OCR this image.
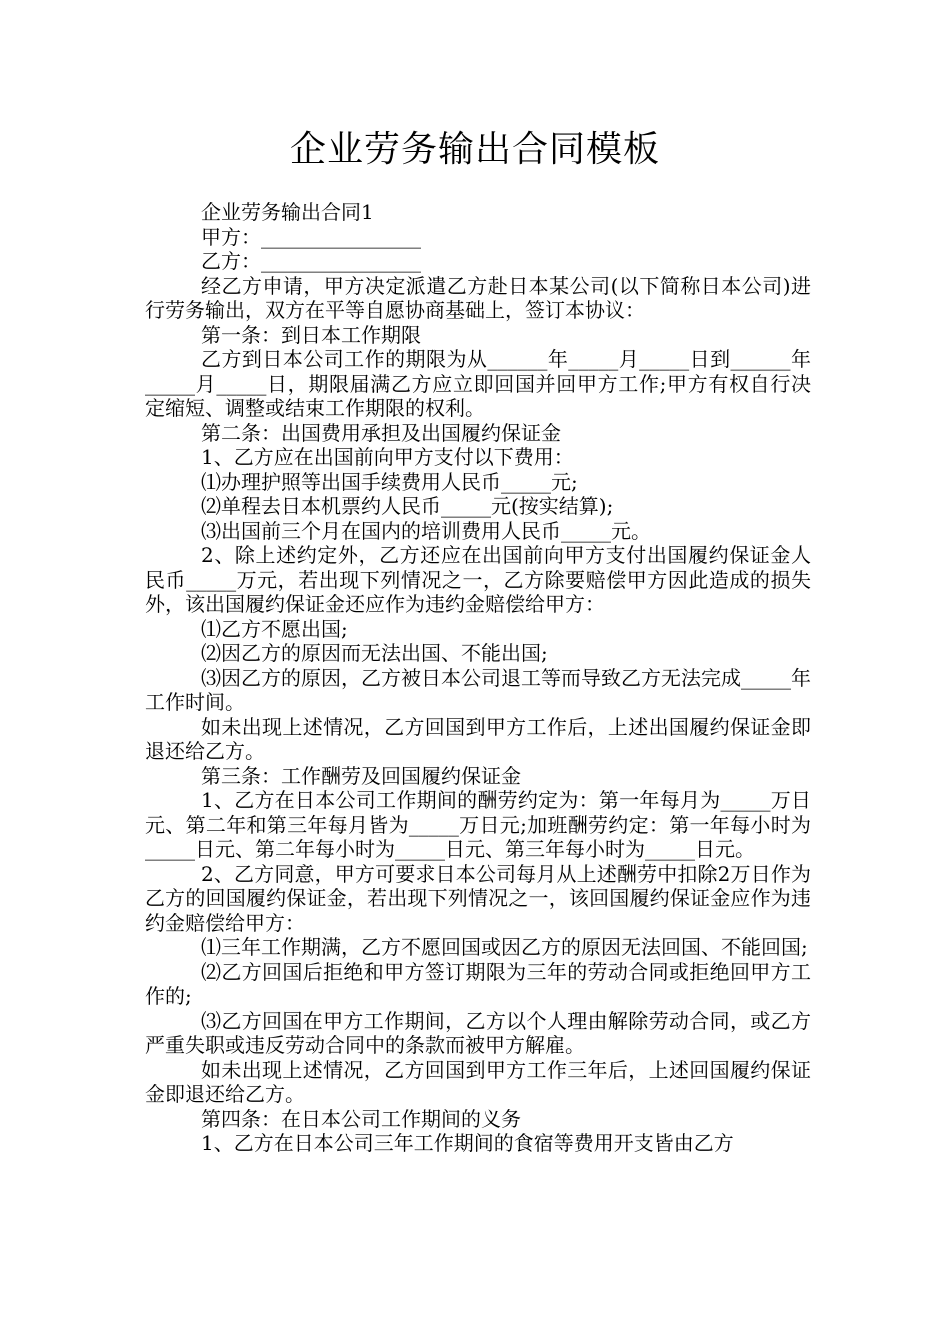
企业劳务输出合同模板

企业劳务输出合同1

甲方：________________

乙方：________________

经乙方申请，甲方决定派遣乙方赴日本某公司(以下简称日本公司)进行劳务输出，双方在平等自愿协商基础上，签订本协议：

第一条：到日本工作期限

乙方到日本公司工作的期限为从______年_____月_____日到______年_____月_____日，期限届满乙方应立即回国并回甲方工作;甲方有权自行决定缩短、调整或结束工作期限的权利。

第二条：出国费用承担及出国履约保证金

1、乙方应在出国前向甲方支付以下费用：

⑴办理护照等出国手续费用人民币_____元;

⑵单程去日本机票约人民币_____元(按实结算);

⑶出国前三个月在国内的培训费用人民币_____元。

2、除上述约定外，乙方还应在出国前向甲方支付出国履约保证金人民币_____万元，若出现下列情况之一，乙方除要赔偿甲方因此造成的损失外，该出国履约保证金还应作为违约金赔偿给甲方：

⑴乙方不愿出国;

⑵因乙方的原因而无法出国、不能出国;

⑶因乙方的原因，乙方被日本公司退工等而导致乙方无法完成_____年工作时间。

如未出现上述情况，乙方回国到甲方工作后，上述出国履约保证金即退还给乙方。

第三条：工作酬劳及回国履约保证金

1、乙方在日本公司工作期间的酬劳约定为：第一年每月为_____万日元、第二年和第三年每月皆为_____万日元;加班酬劳约定：第一年每小时为_____日元、第二年每小时为_____日元、第三年每小时为_____日元。

2、乙方同意，甲方可要求日本公司每月从上述酬劳中扣除2万日作为乙方的回国履约保证金，若出现下列情况之一，该回国履约保证金应作为违约金赔偿给甲方：

⑴三年工作期满，乙方不愿回国或因乙方的原因无法回国、不能回国;

⑵乙方回国后拒绝和甲方签订期限为三年的劳动合同或拒绝回甲方工作的;

⑶乙方回国在甲方工作期间，乙方以个人理由解除劳动合同，或乙方严重失职或违反劳动合同中的条款而被甲方解雇。

如未出现上述情况，乙方回国到甲方工作三年后，上述回国履约保证金即退还给乙方。

第四条：在日本公司工作期间的义务

1、乙方在日本公司三年工作期间的食宿等费用开支皆由乙方
